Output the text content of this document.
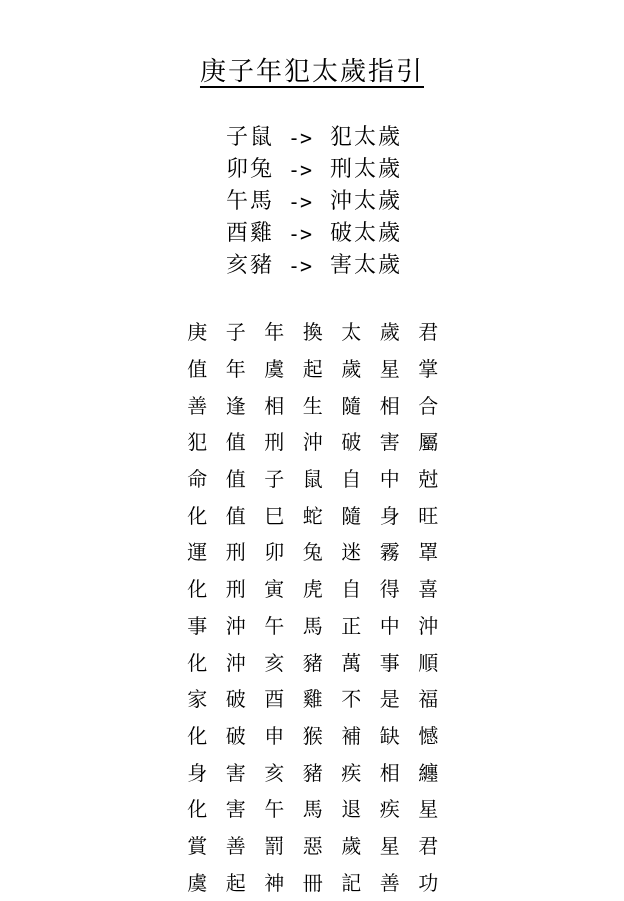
庚子年犯太歲指引
子鼠 -> 犯太歲
卯兔 -> 刑太歲
午馬 -> 沖太歲
酉雞 -> 破太歲
亥豬 -> 害太歲
庚 子 年 換 太 歲 君
值 年 虞 起 歲 星 掌
善 逢 相 生 隨 相 合
犯 值 刑 沖 破 害 屬
命 值 子 鼠 自 中 尅
化 值 巳 蛇 隨 身 旺
運 刑 卯 兔 迷 霧 罩
化 刑 寅 虎 自 得 喜
事 沖 午 馬 正 中 沖
化 沖 亥 豬 萬 事 順
家 破 酉 雞 不 是 福
化 破 申 猴 補 缺 憾
身 害 亥 豬 疾 相 纏
化 害 午 馬 退 疾 星
賞 善 罰 惡 歲 星 君
虞 起 神 冊 記 善 功
